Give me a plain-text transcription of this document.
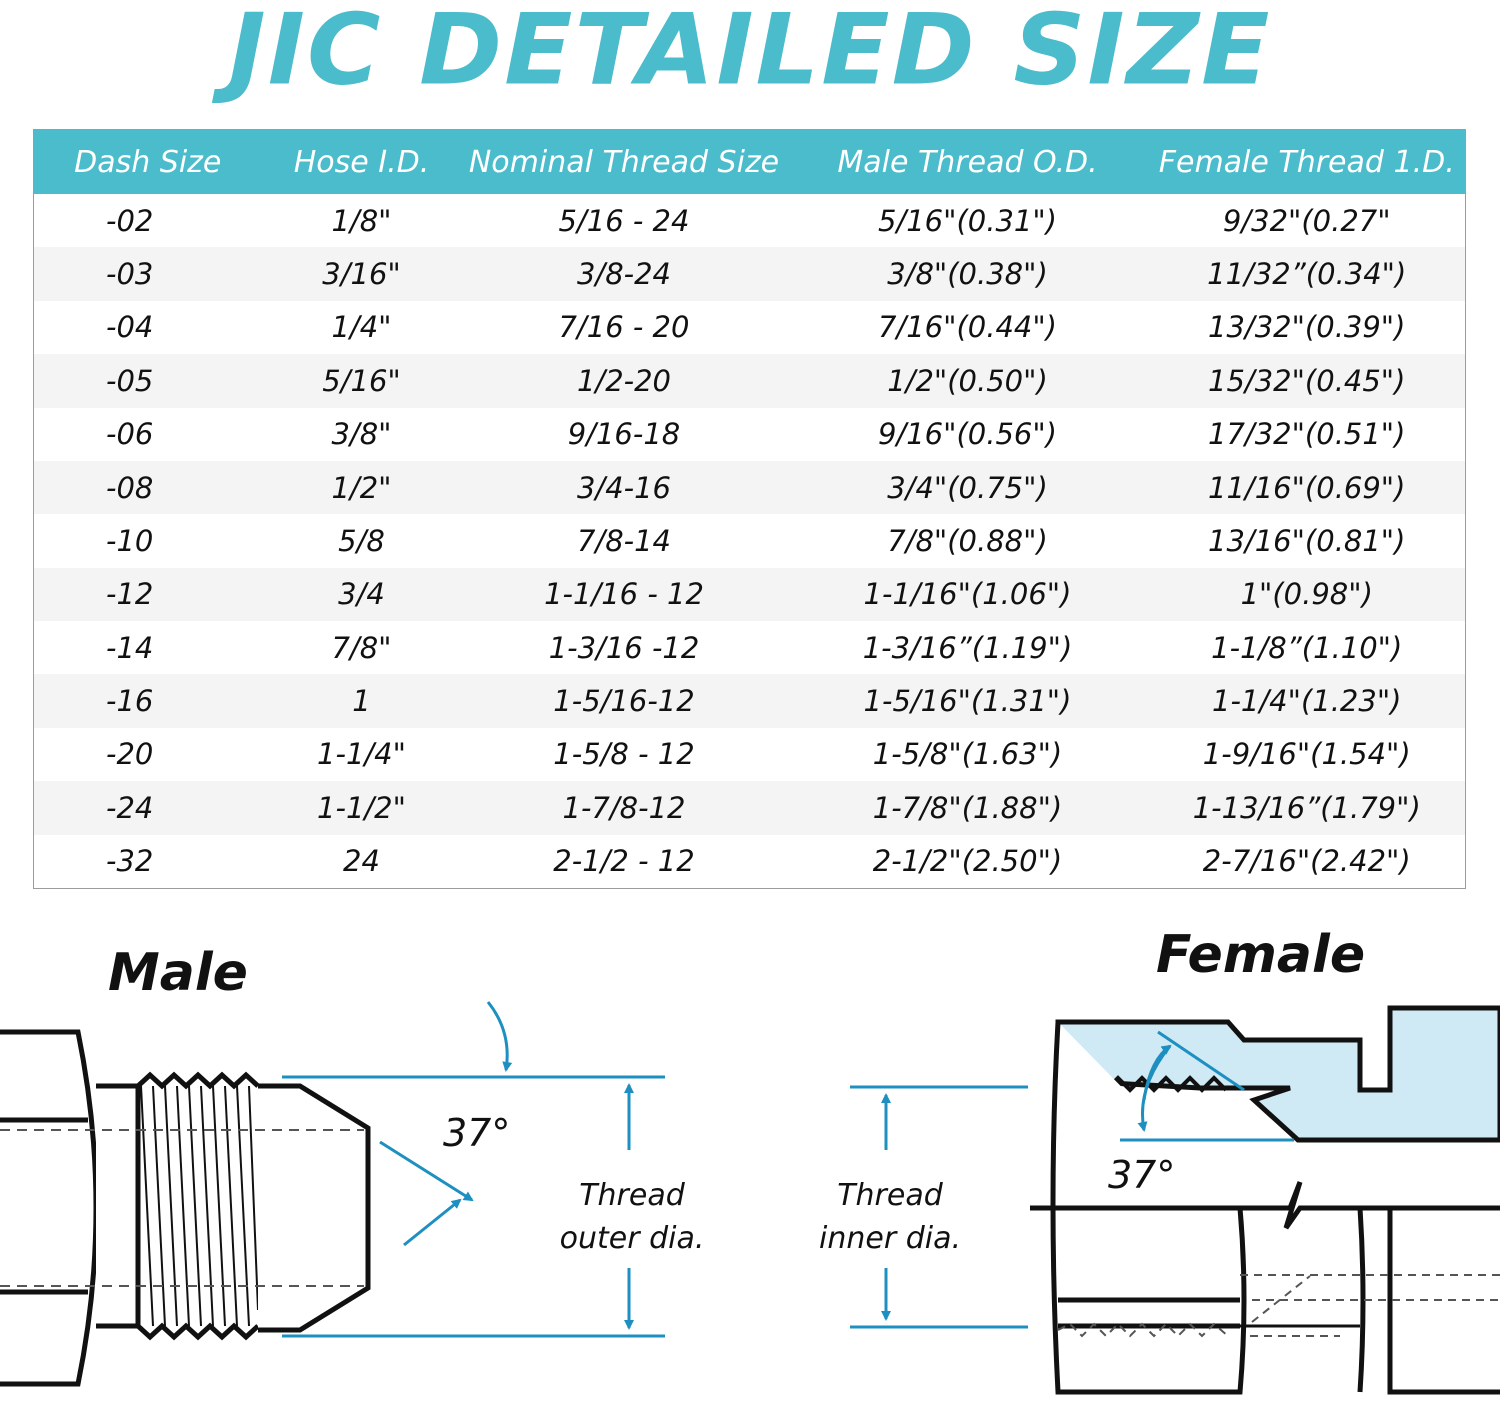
JIC DETAILED SIZE
Dash Size	Hose I.D.	Nominal Thread Size	Male Thread O.D.	Female Thread 1.D.
-02	1/8"	5/16 - 24	5/16"(0.31")	9/32"(0.27"
-03	3/16"	3/8-24	3/8"(0.38")	11/32”(0.34")
-04	1/4"	7/16 - 20	7/16"(0.44")	13/32"(0.39")
-05	5/16"	1/2-20	1/2"(0.50")	15/32"(0.45")
-06	3/8"	9/16-18	9/16"(0.56")	17/32"(0.51")
-08	1/2"	3/4-16	3/4"(0.75")	11/16"(0.69")
-10	5/8	7/8-14	7/8"(0.88")	13/16"(0.81")
-12	3/4	1-1/16 - 12	1-1/16"(1.06")	1"(0.98")
-14	7/8"	1-3/16 -12	1-3/16”(1.19")	1-1/8”(1.10")
-16	1	1-5/16-12	1-5/16"(1.31")	1-1/4"(1.23")
-20	1-1/4"	1-5/8 - 12	1-5/8"(1.63")	1-9/16"(1.54")
-24	1-1/2"	1-7/8-12	1-7/8"(1.88")	1-13/16”(1.79")
-32	24	2-1/2 - 12	2-1/2"(2.50")	2-7/16"(2.42")
Male
37°
Thread
outer dia.
Female
37°
Thread
inner dia.
